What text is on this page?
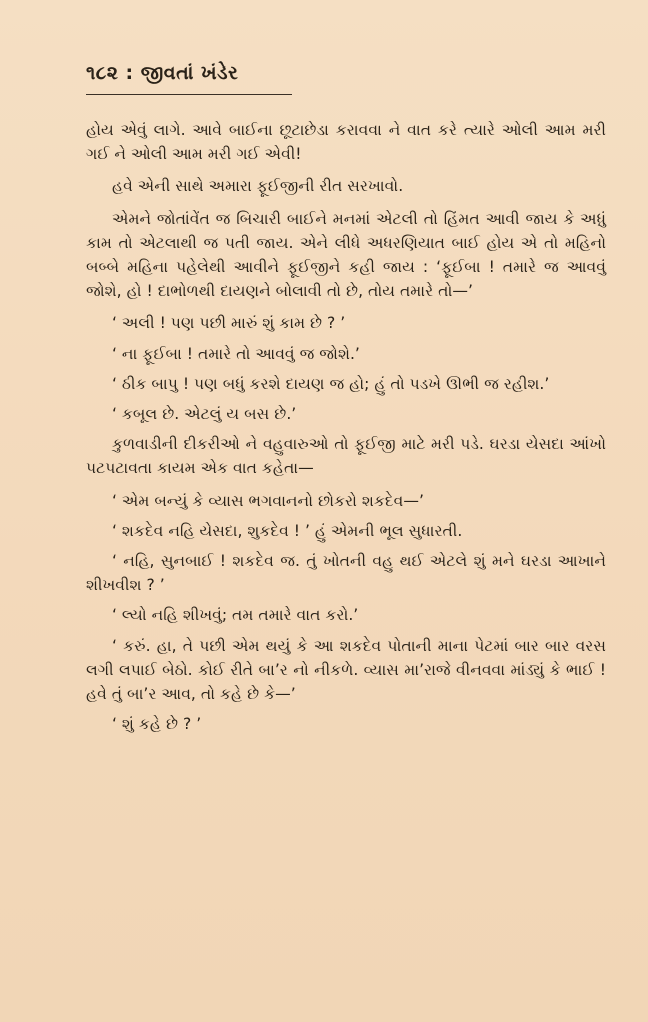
૧૮૨ : જીવતાં ખંડેર

હોય એવું લાગે. આવે બાઈના છૂટાછેડા કરાવવા ને વાત કરે ત્યારે ઓલી આમ મરી ગઈ ને ઓલી આમ મરી ગઈ એવી!

હવે એની સાથે અમારા ફૂઈજીની રીત સરખાવો.

એમને જોતાંવેંત જ બિચારી બાઈને મનમાં એટલી તો હિંમત આવી જાય કે અધુ઼ં કામ તો એટલાથી જ પતી જાય. એને લીધે અધરણિયાત બાઈ હોય એ તો મહિનો બબ્બે મહિના પહેલેથી આવીને ફૂઈજીને કહી જાય : ‘ફૂઈબા ! તમારે જ આવવું જોશે, હો ! દાભોળથી દાયણને બોલાવી તો છે, તોય તમારે તો—’

‘ અલી ! પણ પછી મારું શું કામ છે ? ’

‘ ના ફૂઈબા ! તમારે તો આવવું જ જોશે.’

‘ ઠીક બાપુ ! પણ બધું કરશે દાયણ જ હો; હું તો પડખે ઊભી જ રહીશ.’

‘ કબૂલ છે. એટલું ય બસ છે.’

કુળવાડીની દીકરીઓ ને વહુવારુઓ તો ફૂઈજી માટે મરી પડે. ઘરડા યેસદા આંખો પટપટાવતા કાયમ એક વાત કહેતા—

‘ એમ બન્યું કે વ્યાસ ભગવાનનો છોકરો શકદેવ—’

‘ શકદેવ નહિ યેસદા, શુકદેવ ! ’ હું એમની ભૂલ સુધારતી.

‘ નહિ, સુનબાઈ ! શકદેવ જ. તું ખોતની વહુ થઈ એટલે શું મને ઘરડા આખાને શીખવીશ ? ’

‘ લ્યો નહિ શીખવું; તમ તમારે વાત કરો.’

‘ કરું. હા, તે પછી એમ થયું કે આ શકદેવ પોતાની માના પેટમાં બાર બાર વરસ લગી લપાઈ બેઠો. કોઈ રીતે બા’ર નો નીકળે. વ્યાસ મા’રાજે વીનવવા માંડ્યું કે ભાઈ ! હવે તું બા’ર આવ, તો કહે છે કે—’

‘ શું કહે છે ? ’
